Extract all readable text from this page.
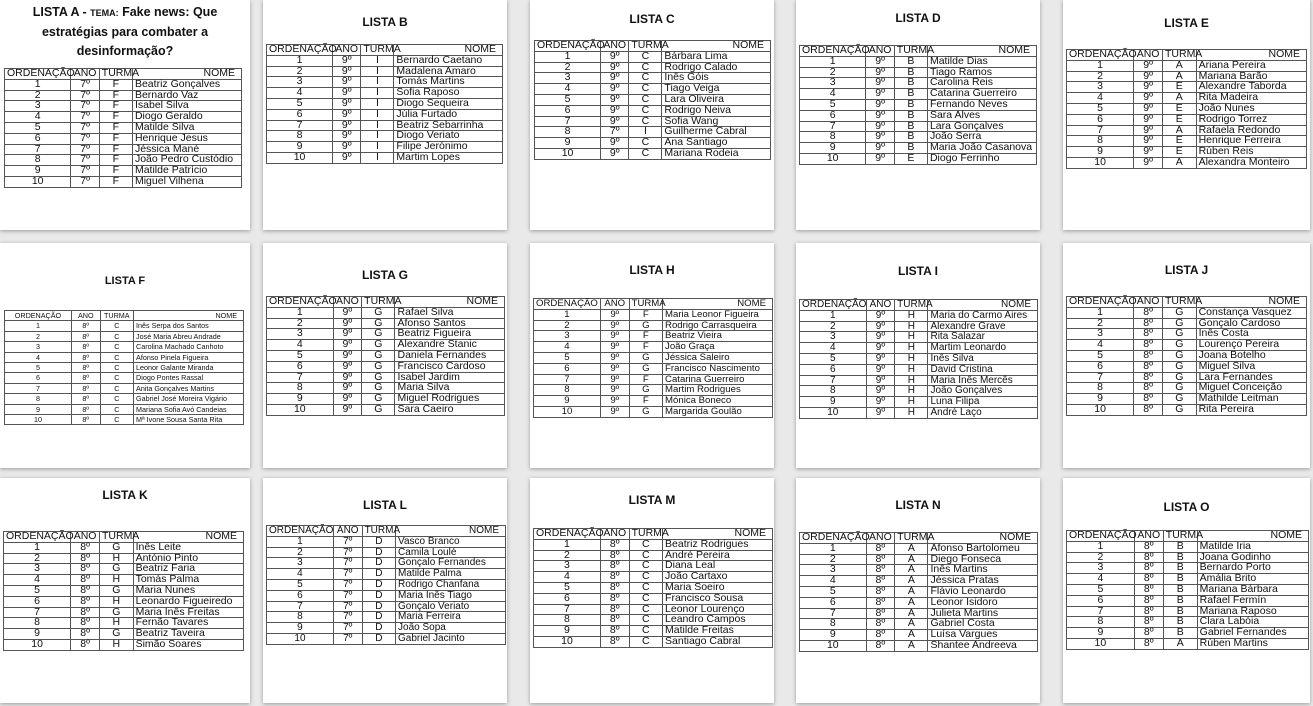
LISTA A - TEMA: Fake news: Que estratégias para combater a desinformação?
ORDENAÇÃO	ANO	TURMA	NOME
1	7º	F	Beatriz Gonçalves
2	7º	F	Bernardo Vaz
3	7º	F	Isabel Silva
4	7º	F	Diogo Geraldo
5	7º	F	Matilde Silva
6	7º	F	Henrique Jesus
7	7º	F	Jéssica Mané
8	7º	F	João Pedro Custódio
9	7º	F	Matilde Patrício
10	7º	F	Miguel Vilhena
LISTA B
ORDENAÇÃO	ANO	TURMA	NOME
1	9º	I	Bernardo Caetano
2	9º	I	Madalena Amaro
3	9º	I	Tomás Martins
4	9º	I	Sofia Raposo
5	9º	I	Diogo Sequeira
6	9º	I	Júlia Furtado
7	9º	I	Beatriz Sebarrinha
8	9º	I	Diogo Veriato
9	9º	I	Filipe Jerónimo
10	9º	I	Martim Lopes
LISTA C
ORDENAÇÃO	ANO	TURMA	NOME
1	9º	C	Bárbara Lima
2	9º	C	Rodrigo Calado
3	9º	C	Inês Góis
4	9º	C	Tiago Veiga
5	9º	C	Lara Oliveira
6	9º	C	Rodrigo Neiva
7	9º	C	Sofia Wang
8	7º	I	Guilherme Cabral
9	9º	C	Ana Santiago
10	9º	C	Mariana Rodeia
LISTA D
ORDENAÇÃO	ANO	TURMA	NOME
1	9º	B	Matilde Dias
2	9º	B	Tiago Ramos
3	9º	B	Carolina Reis
4	9º	B	Catarina Guerreiro
5	9º	B	Fernando Neves
6	9º	B	Sara Alves
7	9º	B	Lara Gonçalves
8	9º	B	João Serra
9	9º	B	Maria João Casanova
10	9º	E	Diogo Ferrinho
LISTA E
ORDENAÇÃO	ANO	TURMA	NOME
1	9º	A	Ariana Pereira
2	9º	A	Mariana Barão
3	9º	E	Alexandre Taborda
4	9º	A	Rita Madeira
5	9º	E	João Nunes
6	9º	E	Rodrigo Torrez
7	9º	A	Rafaela Redondo
8	9º	E	Henrique Ferreira
9	9º	E	Rúben Reis
10	9º	A	Alexandra Monteiro
LISTA F
ORDENAÇÃO	ANO	TURMA	NOME
1	8º	C	Inês Serpa dos Santos
2	8º	C	José Maria Abreu Andrade
3	8º	C	Carolina Machado Canhoto
4	8º	C	Afonso Pinela Figueira
5	8º	C	Leonor Galante Miranda
6	8º	C	Diogo Pontes Rassal
7	8º	C	Anita Gonçalves Martins
8	8º	C	Gabriel José Moreira Vigário
9	8º	C	Mariana Sofia Avó Candeias
10	8º	C	Mª Ivone Sousa Santa Rita
LISTA G
ORDENAÇÃO	ANO	TURMA	NOME
1	9º	G	Rafael Silva
2	9º	G	Afonso Santos
3	9º	G	Beatriz Figueira
4	9º	G	Alexandre Stanic
5	9º	G	Daniela Fernandes
6	9º	G	Francisco Cardoso
7	9º	G	Isabel Jardim
8	9º	G	Maria Silva
9	9º	G	Miguel Rodrigues
10	9º	G	Sara Caeiro
LISTA H
ORDENAÇÃO	ANO	TURMA	NOME
1	9º	F	Maria Leonor Figueira
2	9º	G	Rodrigo Carrasqueira
3	9º	F	Beatriz Vieira
4	9º	F	João Graça
5	9º	G	Jéssica Saleiro
6	9º	G	Francisco Nascimento
7	9º	F	Catarina Guerreiro
8	9º	G	Martim Rodrigues
9	9º	F	Mónica Boneco
10	9º	G	Margarida Goulão
LISTA I
ORDENAÇÃO	ANO	TURMA	NOME
1	9º	H	Maria do Carmo Aires
2	9º	H	Alexandre Grave
3	9º	H	Rita Salazar
4	9º	H	Martim Leonardo
5	9º	H	Inês Silva
6	9º	H	David Cristina
7	9º	H	Maria Inês Mercês
8	9º	H	João Gonçalves
9	9º	H	Luna Filipa
10	9º	H	André Laço
LISTA J
ORDENAÇÃO	ANO	TURMA	NOME
1	8º	G	Constança Vasquez
2	8º	G	Gonçalo Cardoso
3	8º	G	Inês Costa
4	8º	G	Lourenço Pereira
5	8º	G	Joana Botelho
6	8º	G	Miguel Silva
7	8º	G	Lara Fernandes
8	8º	G	Miguel Conceição
9	8º	G	Mathilde Leitman
10	8º	G	Rita Pereira
LISTA K
ORDENAÇÃO	ANO	TURMA	NOME
1	8º	G	Inês Leite
2	8º	H	António Pinto
3	8º	G	Beatriz Faria
4	8º	H	Tomás Palma
5	8º	G	Maria Nunes
6	8º	H	Leonardo Figueiredo
7	8º	G	Maria Inês Freitas
8	8º	H	Fernão Tavares
9	8º	G	Beatriz Taveira
10	8º	H	Simão Soares
LISTA L
ORDENAÇÃO	ANO	TURMA	NOME
1	7º	D	Vasco Branco
2	7º	D	Camila Loulé
3	7º	D	Gonçalo Fernandes
4	7º	D	Matilde Palma
5	7º	D	Rodrigo Chanfana
6	7º	D	Maria Inês Tiago
7	7º	D	Gonçalo Veriato
8	7º	D	Maria Ferreira
9	7º	D	João Sopa
10	7º	D	Gabriel Jacinto
LISTA M
ORDENAÇÃO	ANO	TURMA	NOME
1	8º	C	Beatriz Rodrigues
2	8º	C	André Pereira
3	8º	C	Diana Leal
4	8º	C	João Cartaxo
5	8º	C	Maria Soeiro
6	8º	C	Francisco Sousa
7	8º	C	Leonor Lourenço
8	8º	C	Leandro Campos
9	8º	C	Matilde Freitas
10	8º	C	Santiago Cabral
LISTA N
ORDENAÇÃO	ANO	TURMA	NOME
1	8º	A	Afonso Bartolomeu
2	8º	A	Diego Fonseca
3	8º	A	Inês Martins
4	8º	A	Jéssica Pratas
5	8º	A	Flávio Leonardo
6	8º	A	Leonor Isidoro
7	8º	A	Julieta Martins
8	8º	A	Gabriel Costa
9	8º	A	Luísa Vargues
10	8º	A	Shantee Andreeva
LISTA O
ORDENAÇÃO	ANO	TURMA	NOME
1	8º	B	Matilde Iria
2	8º	B	Joana Godinho
3	8º	B	Bernardo Porto
4	8º	B	Amália Brito
5	8º	B	Mariana Bárbara
6	8º	B	Rafael Fermín
7	8º	B	Mariana Raposo
8	8º	B	Clara Labóia
9	8º	B	Gabriel Fernandes
10	8º	A	Rúben Martins
